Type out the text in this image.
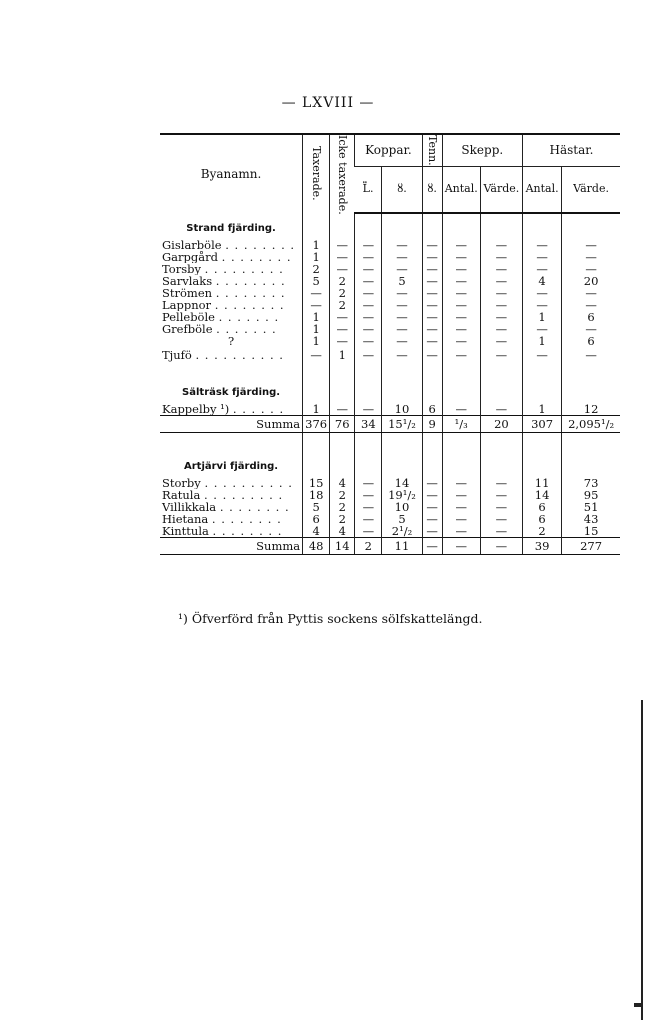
— LXVIII —
Byanamn.	Taxerade.	Icke taxerade.	Koppar.		Tenn.	Skepp.		Hästar.	
			L̈̈.	ȣ.	ȣ.	Antal.	Värde.	Antal.	Värde.
Strand fjärding.									
Gislarböle . . . . . . . .	1	—	—	—	—	—	—	—	—
Garpgård . . . . . . . .	1	—	—	—	—	—	—	—	—
Torsby . . . . . . . . .	2	—	—	—	—	—	—	—	—
Sarvlaks . . . . . . . .	5	2	—	5	—	—	—	4	20
Strömen . . . . . . . .	—	2	—	—	—	—	—	—	—
Lappnor . . . . . . . .	—	2	—	—	—	—	—	—	—
Pelleböle . . . . . . .	1	—	—	—	—	—	—	1	6
Grefböle . . . . . . .	1	—	—	—	—	—	—	—	—
?	1	—	—	—	—	—	—	1	6
Tjufö . . . . . . . . . .	—	1	—	—	—	—	—	—	—
Sälträsk fjärding.									
Kappelby ¹) . . . . . .	1	—	—	10	6	—	—	1	12
Summa	376	76	34	15¹/₂	9	¹/₃	20	307	2,095¹/₂
Artjärvi fjärding.									
Storby . . . . . . . . . .	15	4	—	14	—	—	—	11	73
Ratula . . . . . . . . .	18	2	—	19¹/₂	—	—	—	14	95
Villikkala . . . . . . . .	5	2	—	10	—	—	—	6	51
Hietana . . . . . . . .	6	2	—	5	—	—	—	6	43
Kinttula . . . . . . . .	4	4	—	2¹/₂	—	—	—	2	15
Summa	48	14	2	11	—	—	—	39	277
¹) Öfverförd från Pyttis sockens sölfskattelängd.
